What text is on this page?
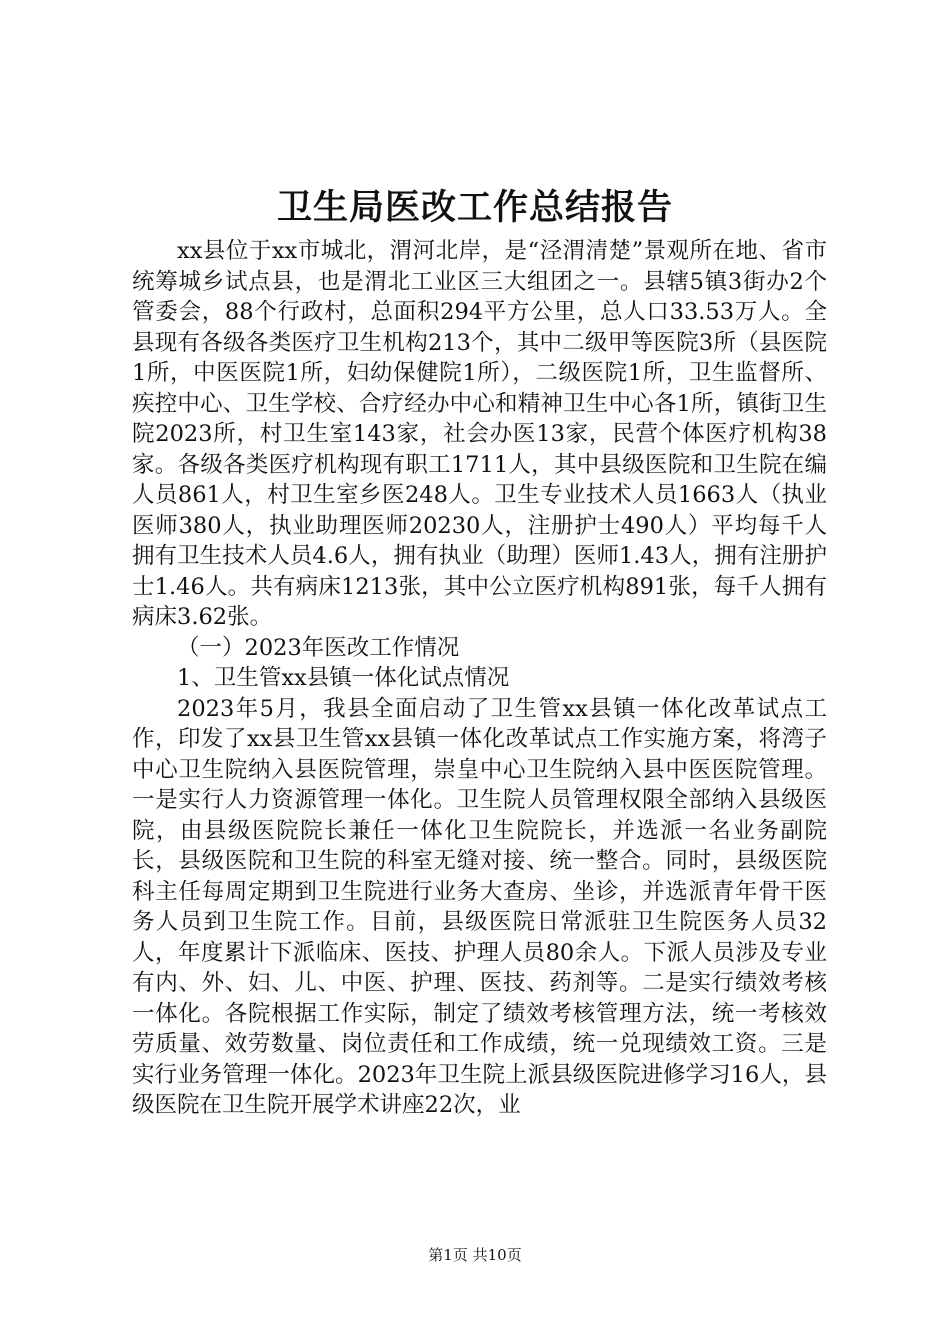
卫生局医改工作总结报告

xx县位于xx市城北，渭河北岸，是“泾渭清楚”景观所在地、省市统筹城乡试点县，也是渭北工业区三大组团之一。县辖5镇3街办2个管委会，88个行政村，总面积294平方公里，总人口33.53万人。全县现有各级各类医疗卫生机构213个，其中二级甲等医院3所（县医院1所，中医医院1所，妇幼保健院1所），二级医院1所，卫生监督所、疾控中心、卫生学校、合疗经办中心和精神卫生中心各1所，镇街卫生院2023所，村卫生室143家，社会办医13家，民营个体医疗机构38家。各级各类医疗机构现有职工1711人，其中县级医院和卫生院在编人员861人，村卫生室乡医248人。卫生专业技术人员1663人（执业医师380人，执业助理医师20230人，注册护士490人）平均每千人拥有卫生技术人员4.6人，拥有执业（助理）医师1.43人，拥有注册护士1.46人。共有病床1213张，其中公立医疗机构891张，每千人拥有病床3.62张。

（一）2023年医改工作情况

1、卫生管xx县镇一体化试点情况

2023年5月，我县全面启动了卫生管xx县镇一体化改革试点工作，印发了xx县卫生管xx县镇一体化改革试点工作实施方案，将湾子中心卫生院纳入县医院管理，崇皇中心卫生院纳入县中医医院管理。一是实行人力资源管理一体化。卫生院人员管理权限全部纳入县级医院，由县级医院院长兼任一体化卫生院院长，并选派一名业务副院长，县级医院和卫生院的科室无缝对接、统一整合。同时，县级医院科主任每周定期到卫生院进行业务大查房、坐诊，并选派青年骨干医务人员到卫生院工作。目前，县级医院日常派驻卫生院医务人员32人，年度累计下派临床、医技、护理人员80余人。下派人员涉及专业有内、外、妇、儿、中医、护理、医技、药剂等。二是实行绩效考核一体化。各院根据工作实际，制定了绩效考核管理方法，统一考核效劳质量、效劳数量、岗位责任和工作成绩，统一兑现绩效工资。三是实行业务管理一体化。2023年卫生院上派县级医院进修学习16人，县级医院在卫生院开展学术讲座22次，业

第1页 共10页
